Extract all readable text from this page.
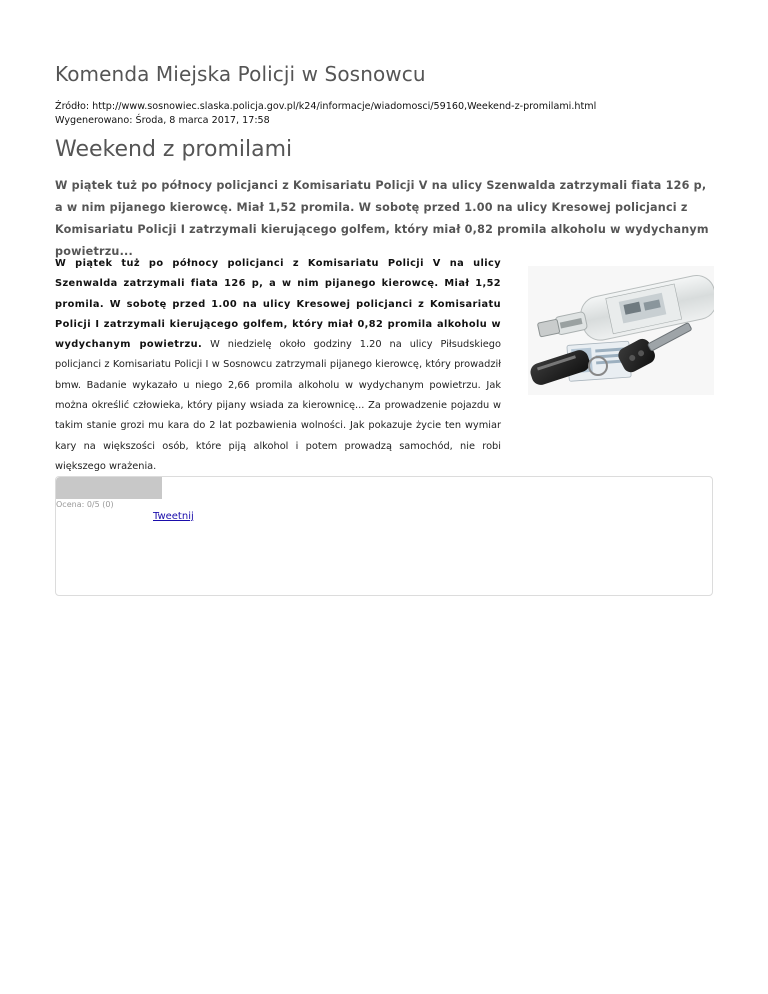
Komenda Miejska Policji w Sosnowcu
Źródło: http://www.sosnowiec.slaska.policja.gov.pl/k24/informacje/wiadomosci/59160,Weekend-z-promilami.html
Wygenerowano: Środa, 8 marca 2017, 17:58
Weekend z promilami
W piątek tuż po północy policjanci z Komisariatu Policji V na ulicy Szenwalda zatrzymali fiata 126 p, a w nim pijanego kierowcę. Miał 1,52 promila. W sobotę przed 1.00 na ulicy Kresowej policjanci z Komisariatu Policji I zatrzymali kierującego golfem, który miał 0,82 promila alkoholu w wydychanym powietrzu...
W piątek tuż po północy policjanci z Komisariatu Policji V na ulicy Szenwalda zatrzymali fiata 126 p, a w nim pijanego kierowcę. Miał 1,52 promila. W sobotę przed 1.00 na ulicy Kresowej policjanci z Komisariatu Policji I zatrzymali kierującego golfem, który miał 0,82 promila alkoholu w wydychanym powietrzu. W niedzielę około godziny 1.20 na ulicy Piłsudskiego policjanci z Komisariatu Policji I w Sosnowcu zatrzymali pijanego kierowcę, który prowadził bmw. Badanie wykazało u niego 2,66 promila alkoholu w wydychanym powietrzu. Jak można określić człowieka, który pijany wsiada za kierownicę... Za prowadzenie pojazdu w takim stanie grozi mu kara do 2 lat pozbawienia wolności. Jak pokazuje życie ten wymiar kary na większości osób, które piją alkohol i potem prowadzą samochód, nie robi większego wrażenia.
Ocena: 0/5 (0)
Tweetnij
